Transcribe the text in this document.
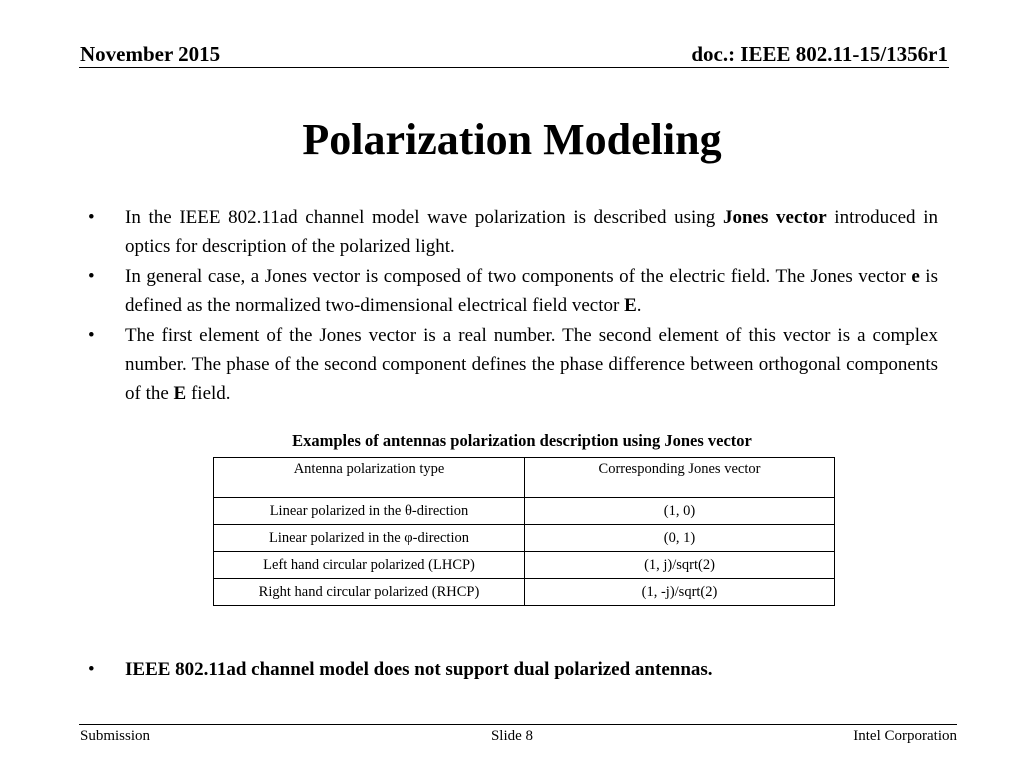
November 2015	doc.: IEEE 802.11-15/1356r1
Polarization Modeling
• In the IEEE 802.11ad channel model wave polarization is described using Jones vector introduced in optics for description of the polarized light.
• In general case, a Jones vector is composed of two components of the electric field. The Jones vector e is defined as the normalized two-dimensional electrical field vector E.
• The first element of the Jones vector is a real number. The second element of this vector is a complex number. The phase of the second component defines the phase difference between orthogonal components of the E field.
Examples of antennas polarization description using Jones vector
Antenna polarization type	Corresponding Jones vector
Linear polarized in the θ-direction	(1, 0)
Linear polarized in the φ-direction	(0, 1)
Left hand circular polarized (LHCP)	(1, j)/sqrt(2)
Right hand circular polarized (RHCP)	(1, -j)/sqrt(2)
• IEEE 802.11ad channel model does not support dual polarized antennas.
Submission	Slide 8	Intel Corporation
